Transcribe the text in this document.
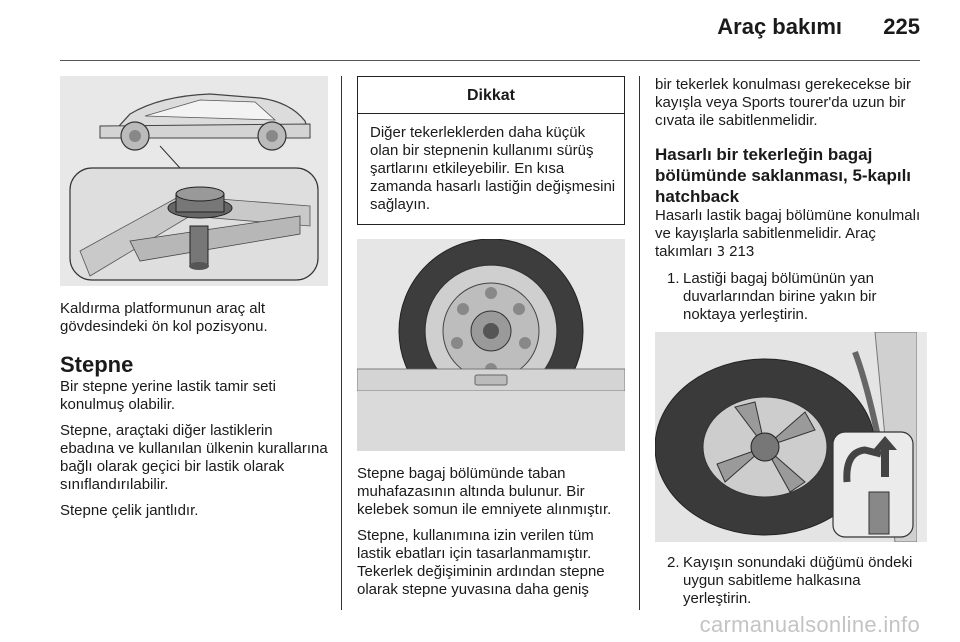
Araç bakımı 225

Kaldırma platformunun araç alt gövdesindeki ön kol pozisyonu.

Stepne

Bir stepne yerine lastik tamir seti konulmuş olabilir.

Stepne, araçtaki diğer lastiklerin ebadına ve kullanılan ülkenin kurallarına bağlı olarak geçici bir lastik olarak sınıflandırılabilir.

Stepne çelik jantlıdır.

Dikkat
Diğer tekerleklerden daha küçük olan bir stepnenin kullanımı sürüş şartlarını etkileyebilir. En kısa zamanda hasarlı lastiğin değişmesini sağlayın.

Stepne bagaj bölümünde taban muhafazasının altında bulunur. Bir kelebek somun ile emniyete alınmıştır.

Stepne, kullanımına izin verilen tüm lastik ebatları için tasarlanmamıştır. Tekerlek değişiminin ardından stepne olarak stepne yuvasına daha geniş

bir tekerlek konulması gerekecekse bir kayışla veya Sports tourer'da uzun bir cıvata ile sabitlenmelidir.

Hasarlı bir tekerleğin bagaj bölümünde saklanması, 5-kapılı hatchback

Hasarlı lastik bagaj bölümüne konulmalı ve kayışlarla sabitlenmelidir. Araç takımları 3 213

1. Lastiği bagaj bölümünün yan duvarlarından birine yakın bir noktaya yerleştirin.
2. Kayışın sonundaki düğümü öndeki uygun sabitleme halkasına yerleştirin.
carmanualsonline.info
